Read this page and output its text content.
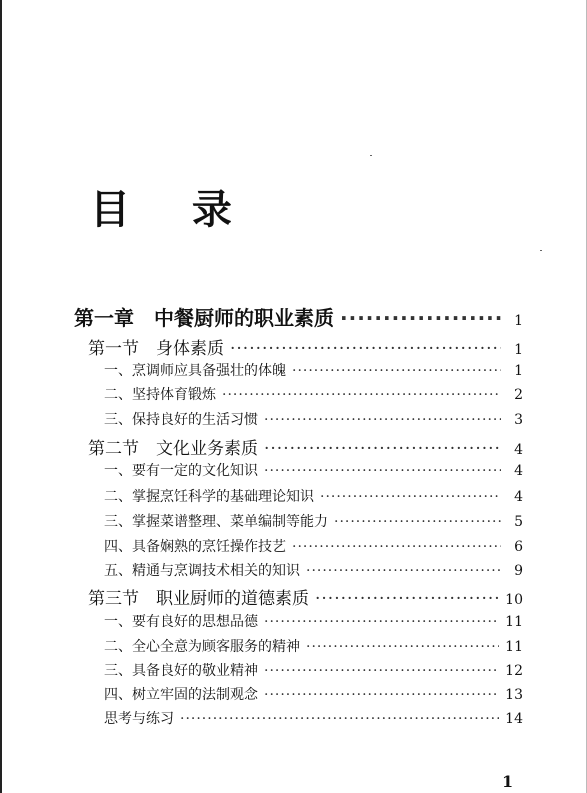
目 录
第一章　中餐厨师的职业素质 ·····	1
第一节　身体素质 ·····	1
一、烹调师应具备强壮的体魄 ·····	1
二、坚持体育锻炼 ·····	2
三、保持良好的生活习惯 ·····	3
第二节　文化业务素质 ·····	4
一、要有一定的文化知识 ·····	4
二、掌握烹饪科学的基础理论知识 ·····	4
三、掌握菜谱整理、菜单编制等能力 ·····	5
四、具备娴熟的烹饪操作技艺 ·····	6
五、精通与烹调技术相关的知识 ·····	9
第三节　职业厨师的道德素质 ·····	10
一、要有良好的思想品德 ·····	11
二、全心全意为顾客服务的精神 ·····	11
三、具备良好的敬业精神 ·····	12
四、树立牢固的法制观念 ·····	13
思考与练习 ·····	14
1
